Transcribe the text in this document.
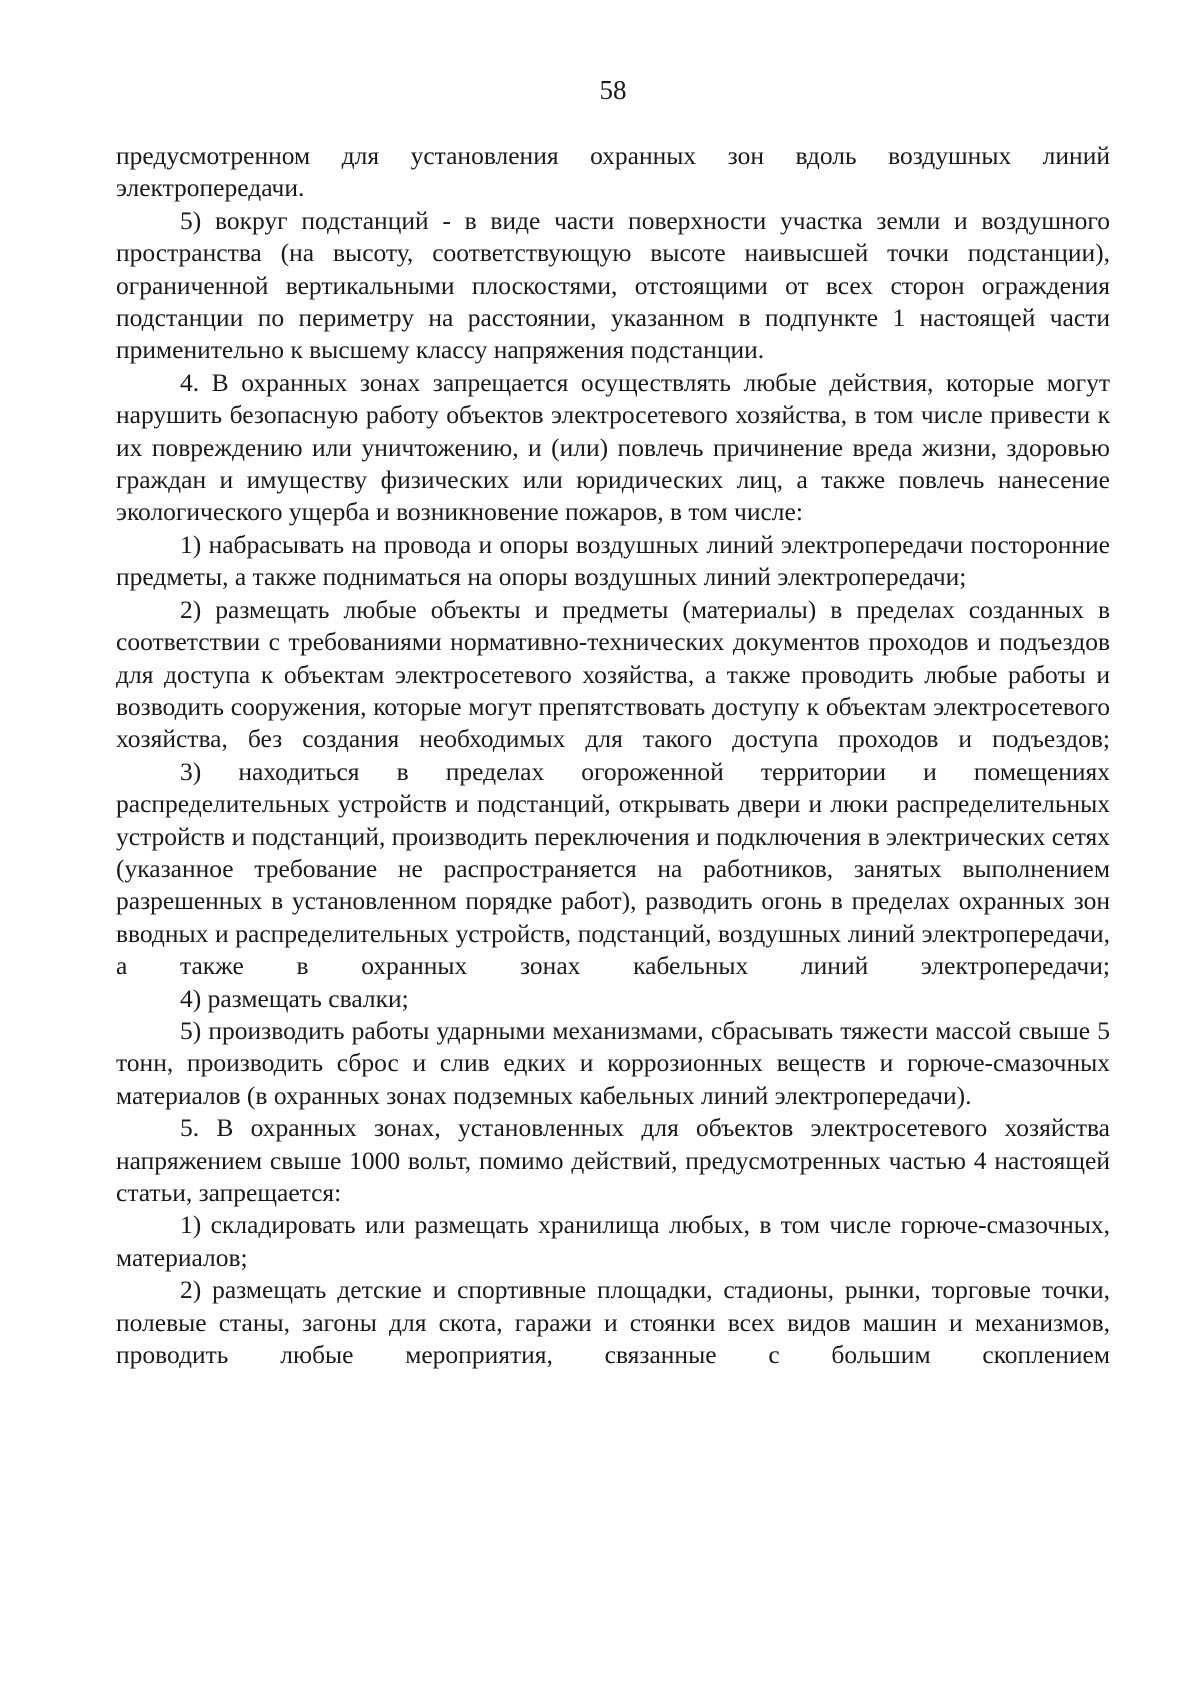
58

предусмотренном для установления охранных зон вдоль воздушных линий электропередачи.

5) вокруг подстанций - в виде части поверхности участка земли и воздушного пространства (на высоту, соответствующую высоте наивысшей точки подстанции), ограниченной вертикальными плоскостями, отстоящими от всех сторон ограждения подстанции по периметру на расстоянии, указанном в подпункте 1 настоящей части применительно к высшему классу напряжения подстанции.

4. В охранных зонах запрещается осуществлять любые действия, которые могут нарушить безопасную работу объектов электросетевого хозяйства, в том числе привести к их повреждению или уничтожению, и (или) повлечь причинение вреда жизни, здоровью граждан и имуществу физических или юридических лиц, а также повлечь нанесение экологического ущерба и возникновение пожаров, в том числе:

1) набрасывать на провода и опоры воздушных линий электропередачи посторонние предметы, а также подниматься на опоры воздушных линий электропередачи;

2) размещать любые объекты и предметы (материалы) в пределах созданных в соответствии с требованиями нормативно-технических документов проходов и подъездов для доступа к объектам электросетевого хозяйства, а также проводить любые работы и возводить сооружения, которые могут препятствовать доступу к объектам электросетевого хозяйства, без создания необходимых для такого доступа проходов и подъездов;

3) находиться в пределах огороженной территории и помещениях распределительных устройств и подстанций, открывать двери и люки распределительных устройств и подстанций, производить переключения и подключения в электрических сетях (указанное требование не распространяется на работников, занятых выполнением разрешенных в установленном порядке работ), разводить огонь в пределах охранных зон вводных и распределительных устройств, подстанций, воздушных линий электропередачи, а также в охранных зонах кабельных линий электропередачи;

4) размещать свалки;

5) производить работы ударными механизмами, сбрасывать тяжести массой свыше 5 тонн, производить сброс и слив едких и коррозионных веществ и горюче-смазочных материалов (в охранных зонах подземных кабельных линий электропередачи).

5. В охранных зонах, установленных для объектов электросетевого хозяйства напряжением свыше 1000 вольт, помимо действий, предусмотренных частью 4 настоящей статьи, запрещается:

1) складировать или размещать хранилища любых, в том числе горюче-смазочных, материалов;

2) размещать детские и спортивные площадки, стадионы, рынки, торговые точки, полевые станы, загоны для скота, гаражи и стоянки всех видов машин и механизмов, проводить любые мероприятия, связанные с большим скоплением
